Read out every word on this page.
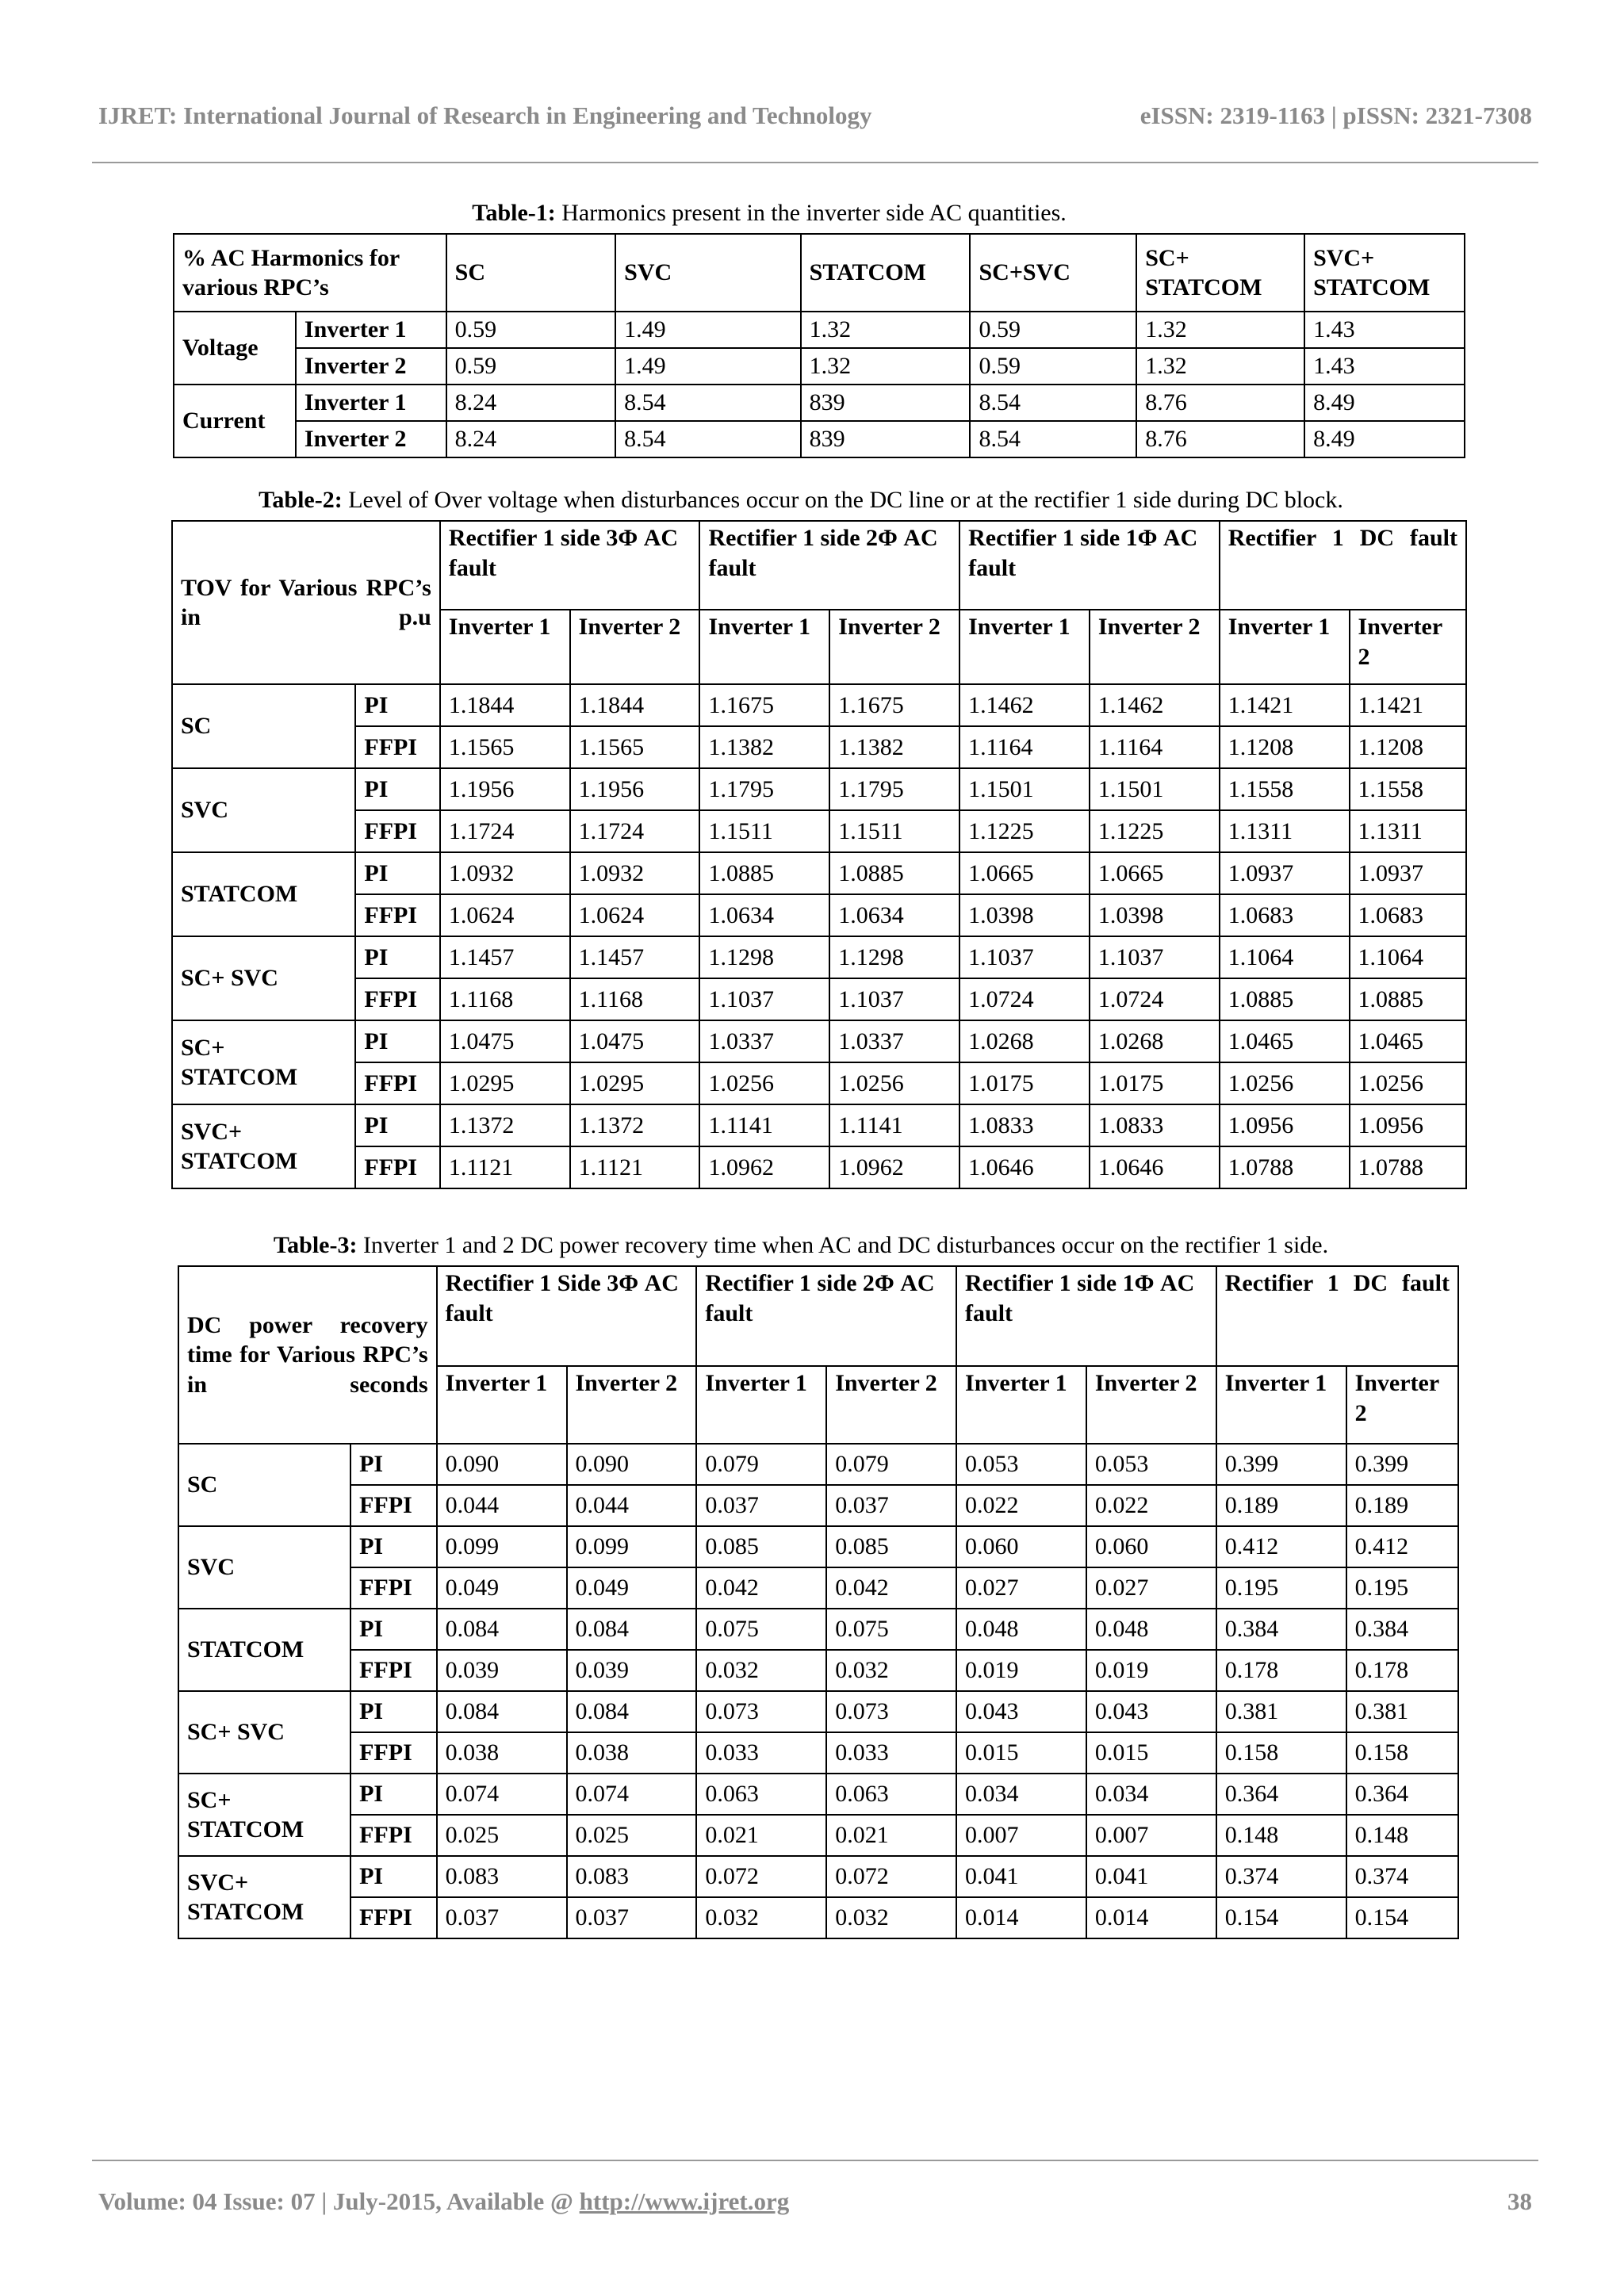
IJRET: International Journal of Research in Engineering and Technology	eISSN: 2319-1163 | pISSN: 2321-7308
Table-1: Harmonics present in the inverter side AC quantities.
% AC Harmonics for various RPC’s		SC	SVC	STATCOM	SC+SVC	SC+ STATCOM	SVC+ STATCOM
Voltage	Inverter 1	0.59	1.49	1.32	0.59	1.32	1.43
	Inverter 2	0.59	1.49	1.32	0.59	1.32	1.43
Current	Inverter 1	8.24	8.54	839	8.54	8.76	8.49
	Inverter 2	8.24	8.54	839	8.54	8.76	8.49
Table-2: Level of Over voltage when disturbances occur on the DC line or at the rectifier 1 side during DC block.
TOV for Various RPC’s in p.u		Rectifier 1 side 3Φ AC fault		Rectifier 1 side 2Φ AC fault		Rectifier 1 side 1Φ AC fault		Rectifier 1 DC fault	
		Inverter 1	Inverter 2	Inverter 1	Inverter 2	Inverter 1	Inverter 2	Inverter 1	Inverter 2
SC	PI	1.1844	1.1844	1.1675	1.1675	1.1462	1.1462	1.1421	1.1421
	FFPI	1.1565	1.1565	1.1382	1.1382	1.1164	1.1164	1.1208	1.1208
SVC	PI	1.1956	1.1956	1.1795	1.1795	1.1501	1.1501	1.1558	1.1558
	FFPI	1.1724	1.1724	1.1511	1.1511	1.1225	1.1225	1.1311	1.1311
STATCOM	PI	1.0932	1.0932	1.0885	1.0885	1.0665	1.0665	1.0937	1.0937
	FFPI	1.0624	1.0624	1.0634	1.0634	1.0398	1.0398	1.0683	1.0683
SC+ SVC	PI	1.1457	1.1457	1.1298	1.1298	1.1037	1.1037	1.1064	1.1064
	FFPI	1.1168	1.1168	1.1037	1.1037	1.0724	1.0724	1.0885	1.0885
SC+ STATCOM	PI	1.0475	1.0475	1.0337	1.0337	1.0268	1.0268	1.0465	1.0465
	FFPI	1.0295	1.0295	1.0256	1.0256	1.0175	1.0175	1.0256	1.0256
SVC+ STATCOM	PI	1.1372	1.1372	1.1141	1.1141	1.0833	1.0833	1.0956	1.0956
	FFPI	1.1121	1.1121	1.0962	1.0962	1.0646	1.0646	1.0788	1.0788
Table-3: Inverter 1 and 2 DC power recovery time when AC and DC disturbances occur on the rectifier 1 side.
DC power recovery time for Various RPC’s in seconds		Rectifier 1 Side 3Φ AC fault		Rectifier 1 side 2Φ AC fault		Rectifier 1 side 1Φ AC fault		Rectifier 1 DC fault	
		Inverter 1	Inverter 2	Inverter 1	Inverter 2	Inverter 1	Inverter 2	Inverter 1	Inverter 2
SC	PI	0.090	0.090	0.079	0.079	0.053	0.053	0.399	0.399
	FFPI	0.044	0.044	0.037	0.037	0.022	0.022	0.189	0.189
SVC	PI	0.099	0.099	0.085	0.085	0.060	0.060	0.412	0.412
	FFPI	0.049	0.049	0.042	0.042	0.027	0.027	0.195	0.195
STATCOM	PI	0.084	0.084	0.075	0.075	0.048	0.048	0.384	0.384
	FFPI	0.039	0.039	0.032	0.032	0.019	0.019	0.178	0.178
SC+ SVC	PI	0.084	0.084	0.073	0.073	0.043	0.043	0.381	0.381
	FFPI	0.038	0.038	0.033	0.033	0.015	0.015	0.158	0.158
SC+ STATCOM	PI	0.074	0.074	0.063	0.063	0.034	0.034	0.364	0.364
	FFPI	0.025	0.025	0.021	0.021	0.007	0.007	0.148	0.148
SVC+ STATCOM	PI	0.083	0.083	0.072	0.072	0.041	0.041	0.374	0.374
	FFPI	0.037	0.037	0.032	0.032	0.014	0.014	0.154	0.154
Volume: 04 Issue: 07 | July-2015, Available @ http://www.ijret.org	38
